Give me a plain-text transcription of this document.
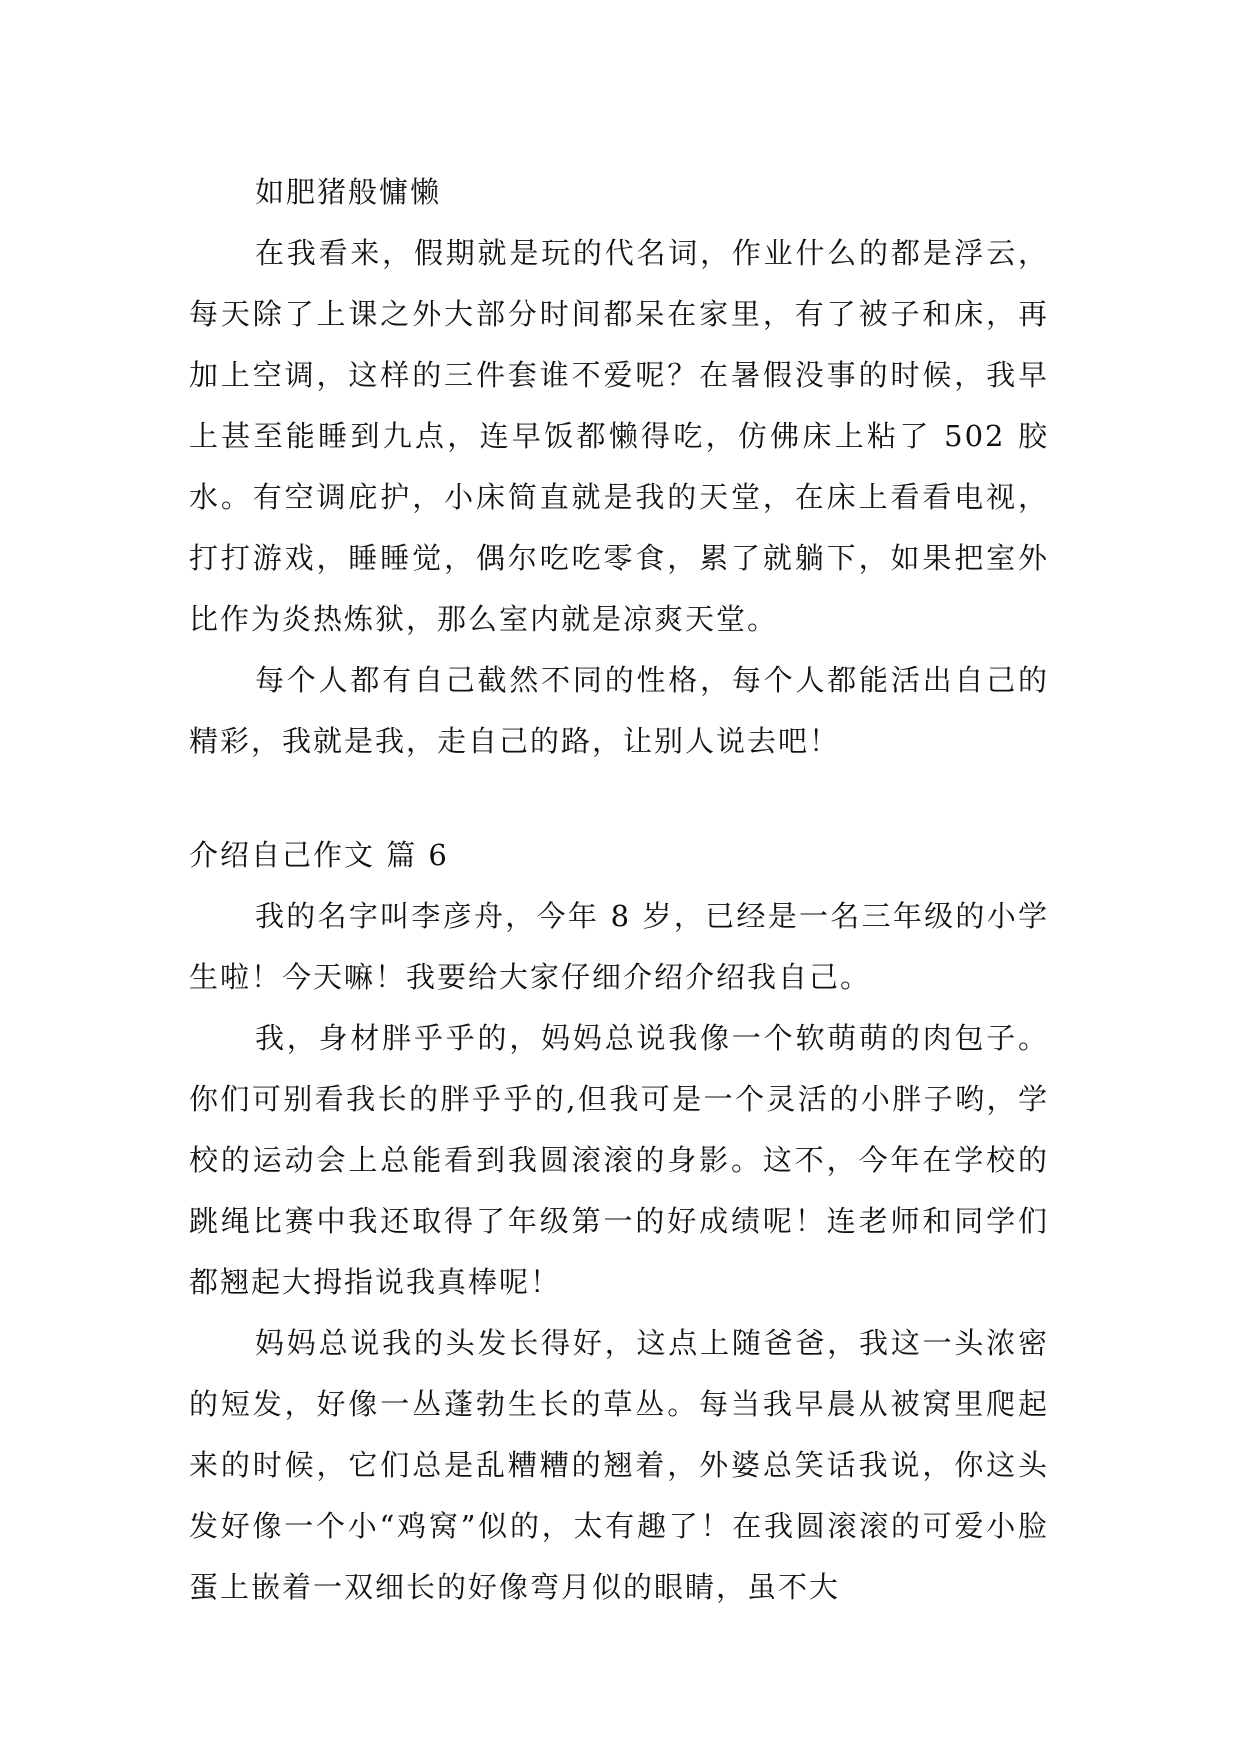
如肥猪般慵懒

在我看来，假期就是玩的代名词，作业什么的都是浮云，每天除了上课之外大部分时间都呆在家里，有了被子和床，再加上空调，这样的三件套谁不爱呢？在暑假没事的时候，我早上甚至能睡到九点，连早饭都懒得吃，仿佛床上粘了 502 胶水。有空调庇护，小床简直就是我的天堂，在床上看看电视，打打游戏，睡睡觉，偶尔吃吃零食，累了就躺下，如果把室外比作为炎热炼狱，那么室内就是凉爽天堂。

每个人都有自己截然不同的性格，每个人都能活出自己的精彩，我就是我，走自己的路，让别人说去吧！

介绍自己作文 篇 6

我的名字叫李彦舟，今年 8 岁，已经是一名三年级的小学生啦！今天嘛！我要给大家仔细介绍介绍我自己。

我，身材胖乎乎的，妈妈总说我像一个软萌萌的肉包子。你们可别看我长的胖乎乎的,但我可是一个灵活的小胖子哟，学校的运动会上总能看到我圆滚滚的身影。这不，今年在学校的跳绳比赛中我还取得了年级第一的好成绩呢！连老师和同学们都翘起大拇指说我真棒呢！

妈妈总说我的头发长得好，这点上随爸爸，我这一头浓密的短发，好像一丛蓬勃生长的草丛。每当我早晨从被窝里爬起来的时候，它们总是乱糟糟的翘着，外婆总笑话我说，你这头发好像一个小“鸡窝”似的，太有趣了！在我圆滚滚的可爱小脸蛋上嵌着一双细长的好像弯月似的眼睛，虽不大
